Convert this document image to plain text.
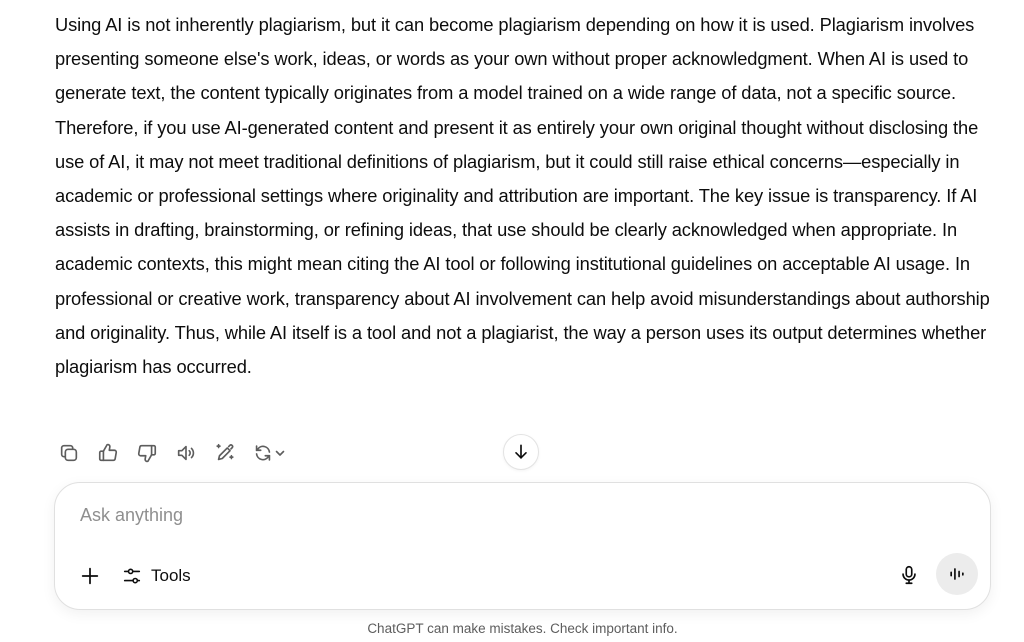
Using AI is not inherently plagiarism, but it can become plagiarism depending on how it is used. Plagiarism involves presenting someone else's work, ideas, or words as your own without proper acknowledgment. When AI is used to generate text, the content typically originates from a model trained on a wide range of data, not a specific source. Therefore, if you use AI-generated content and present it as entirely your own original thought without disclosing the use of AI, it may not meet traditional definitions of plagiarism, but it could still raise ethical concerns—especially in academic or professional settings where originality and attribution are important. The key issue is transparency. If AI assists in drafting, brainstorming, or refining ideas, that use should be clearly acknowledged when appropriate. In academic contexts, this might mean citing the AI tool or following institutional guidelines on acceptable AI usage. In professional or creative work, transparency about AI involvement can help avoid misunderstandings about authorship and originality. Thus, while AI itself is a tool and not a plagiarist, the way a person uses its output determines whether plagiarism has occurred.

Ask anything
Tools
ChatGPT can make mistakes. Check important info.
